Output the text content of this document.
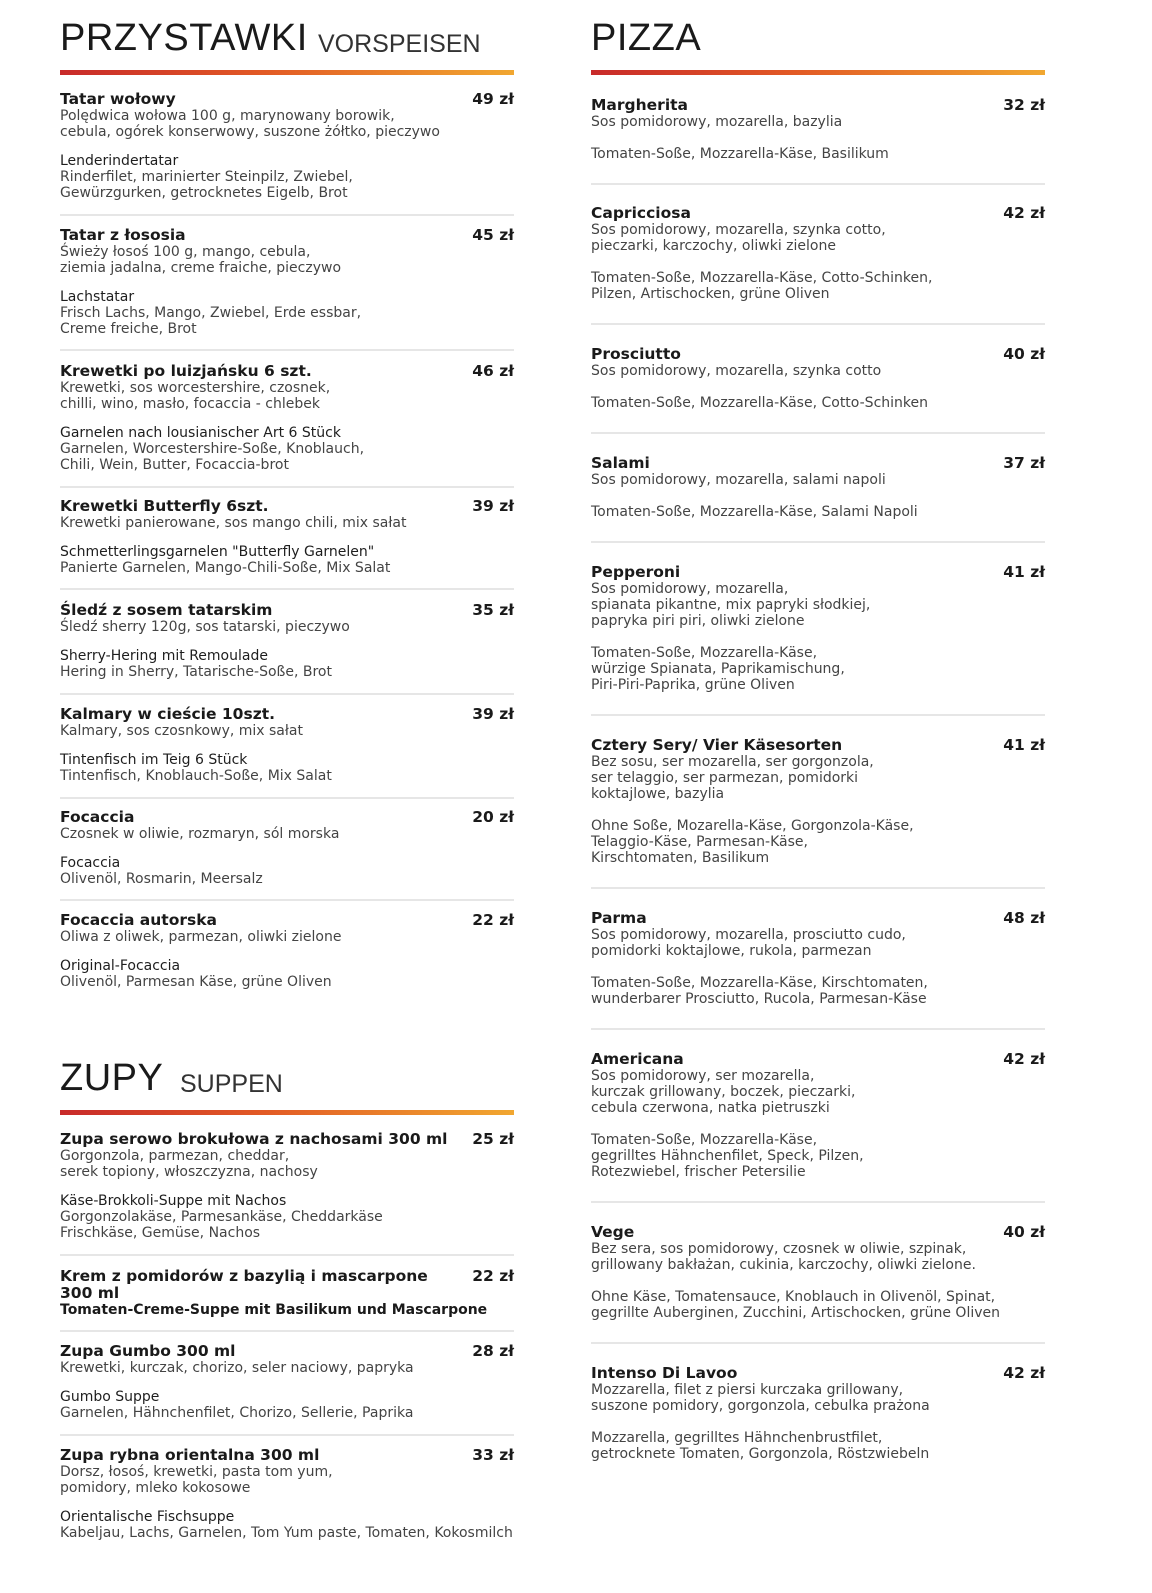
PRZYSTAWKI VORSPEISEN
49 zł
Tatar wołowy
Polędwica wołowa 100 g, marynowany borowik,
cebula, ogórek konserwowy, suszone żółtko, pieczywo
Lenderindertatar
Rinderfilet, marinierter Steinpilz, Zwiebel,
Gewürzgurken, getrocknetes Eigelb, Brot
45 zł
Tatar z łososia
Świeży łosoś 100 g, mango, cebula,
ziemia jadalna, creme fraiche, pieczywo
Lachstatar
Frisch Lachs, Mango, Zwiebel, Erde essbar,
Creme freiche, Brot
46 zł
Krewetki po luizjańsku 6 szt.
Krewetki, sos worcestershire, czosnek,
chilli, wino, masło, focaccia - chlebek
Garnelen nach lousianischer Art 6 Stück
Garnelen, Worcestershire-Soße, Knoblauch,
Chili, Wein, Butter, Focaccia-brot
39 zł
Krewetki Butterfly 6szt.
Krewetki panierowane, sos mango chili, mix sałat
Schmetterlingsgarnelen "Butterfly Garnelen"
Panierte Garnelen, Mango-Chili-Soße, Mix Salat
35 zł
Śledź z sosem tatarskim
Śledź sherry 120g, sos tatarski, pieczywo
Sherry-Hering mit Remoulade
Hering in Sherry, Tatarische-Soße, Brot
39 zł
Kalmary w cieście 10szt.
Kalmary, sos czosnkowy, mix sałat
Tintenfisch im Teig 6 Stück
Tintenfisch, Knoblauch-Soße, Mix Salat
20 zł
Focaccia
Czosnek w oliwie, rozmaryn, sól morska
Focaccia
Olivenöl, Rosmarin, Meersalz
22 zł
Focaccia autorska
Oliwa z oliwek, parmezan, oliwki zielone
Original-Focaccia
Olivenöl, Parmesan Käse, grüne Oliven
ZUPY SUPPEN
25 zł
Zupa serowo brokułowa z nachosami 300 ml
Gorgonzola, parmezan, cheddar,
serek topiony, włoszczyzna, nachosy
Käse-Brokkoli-Suppe mit Nachos
Gorgonzolakäse, Parmesankäse, Cheddarkäse
Frischkäse, Gemüse, Nachos
22 zł
Krem z pomidorów z bazylią i mascarpone 300 ml
Tomaten-Creme-Suppe mit Basilikum und Mascarpone
28 zł
Zupa Gumbo 300 ml
Krewetki, kurczak, chorizo, seler naciowy, papryka
Gumbo Suppe
Garnelen, Hähnchenfilet, Chorizo, Sellerie, Paprika
33 zł
Zupa rybna orientalna 300 ml
Dorsz, łosoś, krewetki, pasta tom yum,
pomidory, mleko kokosowe
Orientalische Fischsuppe
Kabeljau, Lachs, Garnelen, Tom Yum paste, Tomaten, Kokosmilch
PIZZA
32 zł
Margherita
Sos pomidorowy, mozarella, bazylia
Tomaten-Soße, Mozzarella-Käse, Basilikum
42 zł
Capricciosa
Sos pomidorowy, mozarella, szynka cotto,
pieczarki, karczochy, oliwki zielone
Tomaten-Soße, Mozzarella-Käse, Cotto-Schinken,
Pilzen, Artischocken, grüne Oliven
40 zł
Prosciutto
Sos pomidorowy, mozarella, szynka cotto
Tomaten-Soße, Mozzarella-Käse, Cotto-Schinken
37 zł
Salami
Sos pomidorowy, mozarella, salami napoli
Tomaten-Soße, Mozzarella-Käse, Salami Napoli
41 zł
Pepperoni
Sos pomidorowy, mozarella,
spianata pikantne, mix papryki słodkiej,
papryka piri piri, oliwki zielone
Tomaten-Soße, Mozzarella-Käse,
würzige Spianata, Paprikamischung,
Piri-Piri-Paprika, grüne Oliven
41 zł
Cztery Sery/ Vier Käsesorten
Bez sosu, ser mozarella, ser gorgonzola,
ser telaggio, ser parmezan, pomidorki
koktajlowe, bazylia
Ohne Soße, Mozarella-Käse, Gorgonzola-Käse,
Telaggio-Käse, Parmesan-Käse,
Kirschtomaten, Basilikum
48 zł
Parma
Sos pomidorowy, mozarella, prosciutto cudo,
pomidorki koktajlowe, rukola, parmezan
Tomaten-Soße, Mozzarella-Käse, Kirschtomaten,
wunderbarer Prosciutto, Rucola, Parmesan-Käse
42 zł
Americana
Sos pomidorowy, ser mozarella,
kurczak grillowany, boczek, pieczarki,
cebula czerwona, natka pietruszki
Tomaten-Soße, Mozzarella-Käse,
gegrilltes Hähnchenfilet, Speck, Pilzen,
Rotezwiebel, frischer Petersilie
40 zł
Vege
Bez sera, sos pomidorowy, czosnek w oliwie, szpinak,
grillowany bakłażan, cukinia, karczochy, oliwki zielone.
Ohne Käse, Tomatensauce, Knoblauch in Olivenöl, Spinat,
gegrillte Auberginen, Zucchini, Artischocken, grüne Oliven
42 zł
Intenso Di Lavoo
Mozzarella, filet z piersi kurczaka grillowany,
suszone pomidory, gorgonzola, cebulka prażona
Mozzarella, gegrilltes Hähnchenbrustfilet,
getrocknete Tomaten, Gorgonzola, Röstzwiebeln
